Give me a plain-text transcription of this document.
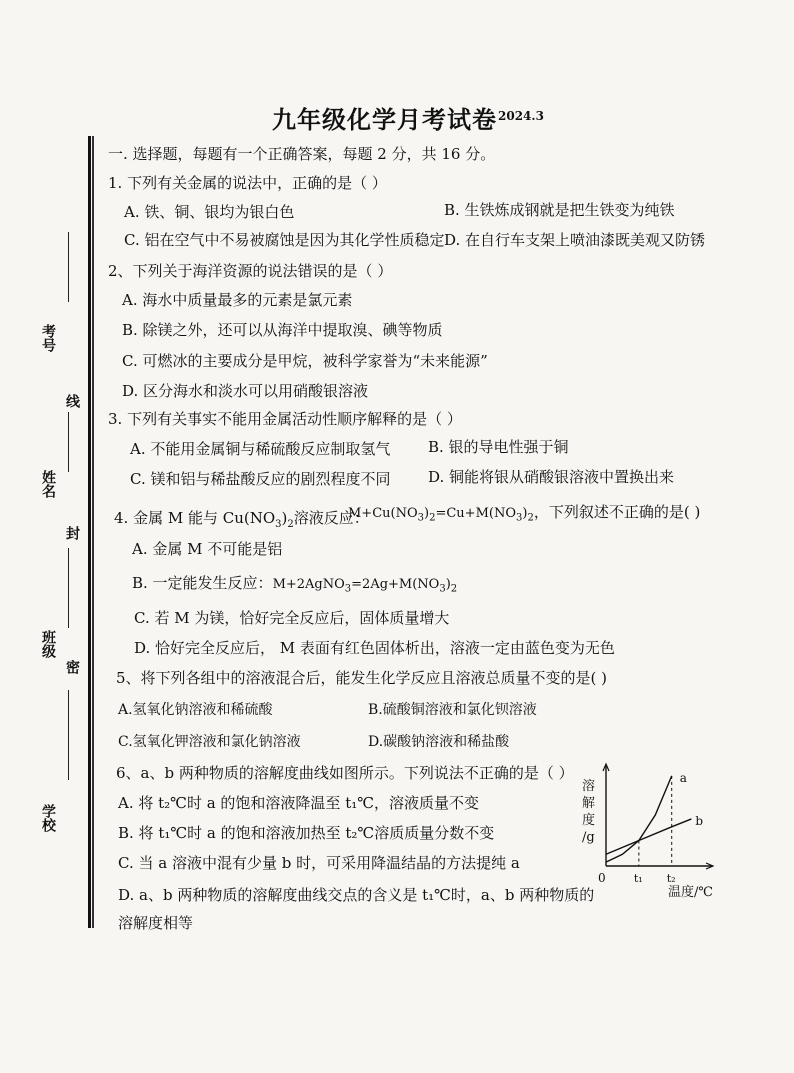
九年级化学月考试卷 2024.3
考号
线
姓名
封
班级
密
学校
一. 选择题，每题有一个正确答案，每题 2 分，共 16 分。
1. 下列有关金属的说法中，正确的是（ ）
A. 铁、铜、银均为银白色	B. 生铁炼成钢就是把生铁变为纯铁
C. 铝在空气中不易被腐蚀是因为其化学性质稳定 D. 在自行车支架上喷油漆既美观又防锈
2、下列关于海洋资源的说法错误的是（ ）
A. 海水中质量最多的元素是氯元素
B. 除镁之外，还可以从海洋中提取溴、碘等物质
C. 可燃冰的主要成分是甲烷，被科学家誉为“未来能源”
D. 区分海水和淡水可以用硝酸银溶液
3. 下列有关事实不能用金属活动性顺序解释的是（ ）
A. 不能用金属铜与稀硫酸反应制取氢气	B. 银的导电性强于铜
C. 镁和铝与稀盐酸反应的剧烈程度不同	D. 铜能将银从硝酸银溶液中置换出来
4. 金属 M 能与 $Cu(NO_3)_2$溶液反应：
$M+Cu(NO_3)_2=Cu+M(NO_3)_2$，下列叙述不正确的是( )
A. 金属 M 不可能是铝
B. 一定能发生反应：$M+2AgNO_3=2Ag+M(NO_3)_2$
C. 若 M 为镁，恰好完全反应后，固体质量增大
D. 恰好完全反应后， M 表面有红色固体析出，溶液一定由蓝色变为无色
5、将下列各组中的溶液混合后，能发生化学反应且溶液总质量不变的是( )
A.氢氧化钠溶液和稀硫酸	B.硫酸铜溶液和氯化钡溶液
C.氢氧化钾溶液和氯化钠溶液	D.碳酸钠溶液和稀盐酸
6、a、b 两种物质的溶解度曲线如图所示。下列说法不正确的是（ ）
A. 将 t₂℃时 a 的饱和溶液降温至 t₁℃，溶液质量不变
B. 将 t₁℃时 a 的饱和溶液加热至 t₂℃溶质质量分数不变
C. 当 a 溶液中混有少量 b 时，可采用降温结晶的方法提纯 a
D. a、b 两种物质的溶解度曲线交点的含义是 t₁℃时，a、b 两种物质的
溶解度相等
溶
解
度
/g
0
a
b
t₁ t₂
温度/℃
